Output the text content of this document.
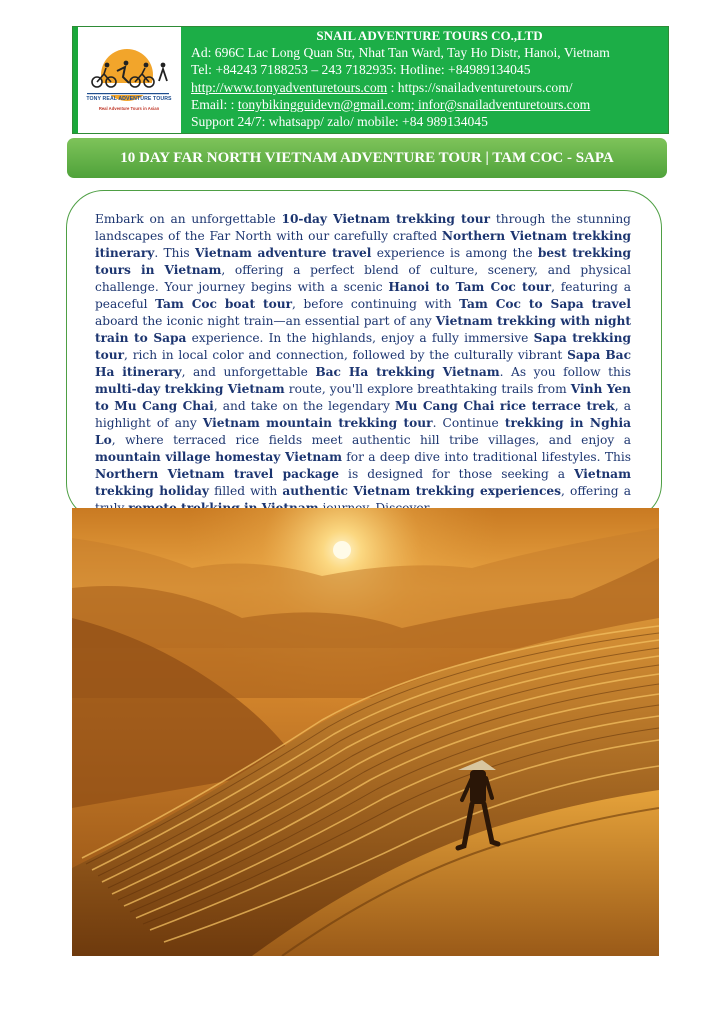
TONY REAL ADVENTURE TOURS
Real Adventure Tours in Asian
SNAIL ADVENTURE TOURS CO.,LTD
Ad: 696C Lac Long Quan Str, Nhat Tan Ward, Tay Ho Distr, Hanoi, Vietnam
Tel: +84243 7188253 – 243 7182935: Hotline: +84989134045
http://www.tonyadventuretours.com : https://snailadventuretours.com/
Email: : tonybikingguidevn@gmail.com; infor@snailadventuretours.com
Support 24/7: whatsapp/ zalo/ mobile: +84 989134045
10 DAY FAR NORTH VIETNAM ADVENTURE TOUR | TAM COC - SAPA

Embark on an unforgettable 10-day Vietnam trekking tour through the stunning landscapes of the Far North with our carefully crafted Northern Vietnam trekking itinerary. This Vietnam adventure travel experience is among the best trekking tours in Vietnam, offering a perfect blend of culture, scenery, and physical challenge. Your journey begins with a scenic Hanoi to Tam Coc tour, featuring a peaceful Tam Coc boat tour, before continuing with Tam Coc to Sapa travel aboard the iconic night train—an essential part of any Vietnam trekking with night train to Sapa experience. In the highlands, enjoy a fully immersive Sapa trekking tour, rich in local color and connection, followed by the culturally vibrant Sapa Bac Ha itinerary, and unforgettable Bac Ha trekking Vietnam. As you follow this multi-day trekking Vietnam route, you'll explore breathtaking trails from Vinh Yen to Mu Cang Chai, and take on the legendary Mu Cang Chai rice terrace trek, a highlight of any Vietnam mountain trekking tour. Continue trekking in Nghia Lo, where terraced rice fields meet authentic hill tribe villages, and enjoy a mountain village homestay Vietnam for a deep dive into traditional lifestyles. This Northern Vietnam travel package is designed for those seeking a Vietnam trekking holiday filled with authentic Vietnam trekking experiences, offering a
